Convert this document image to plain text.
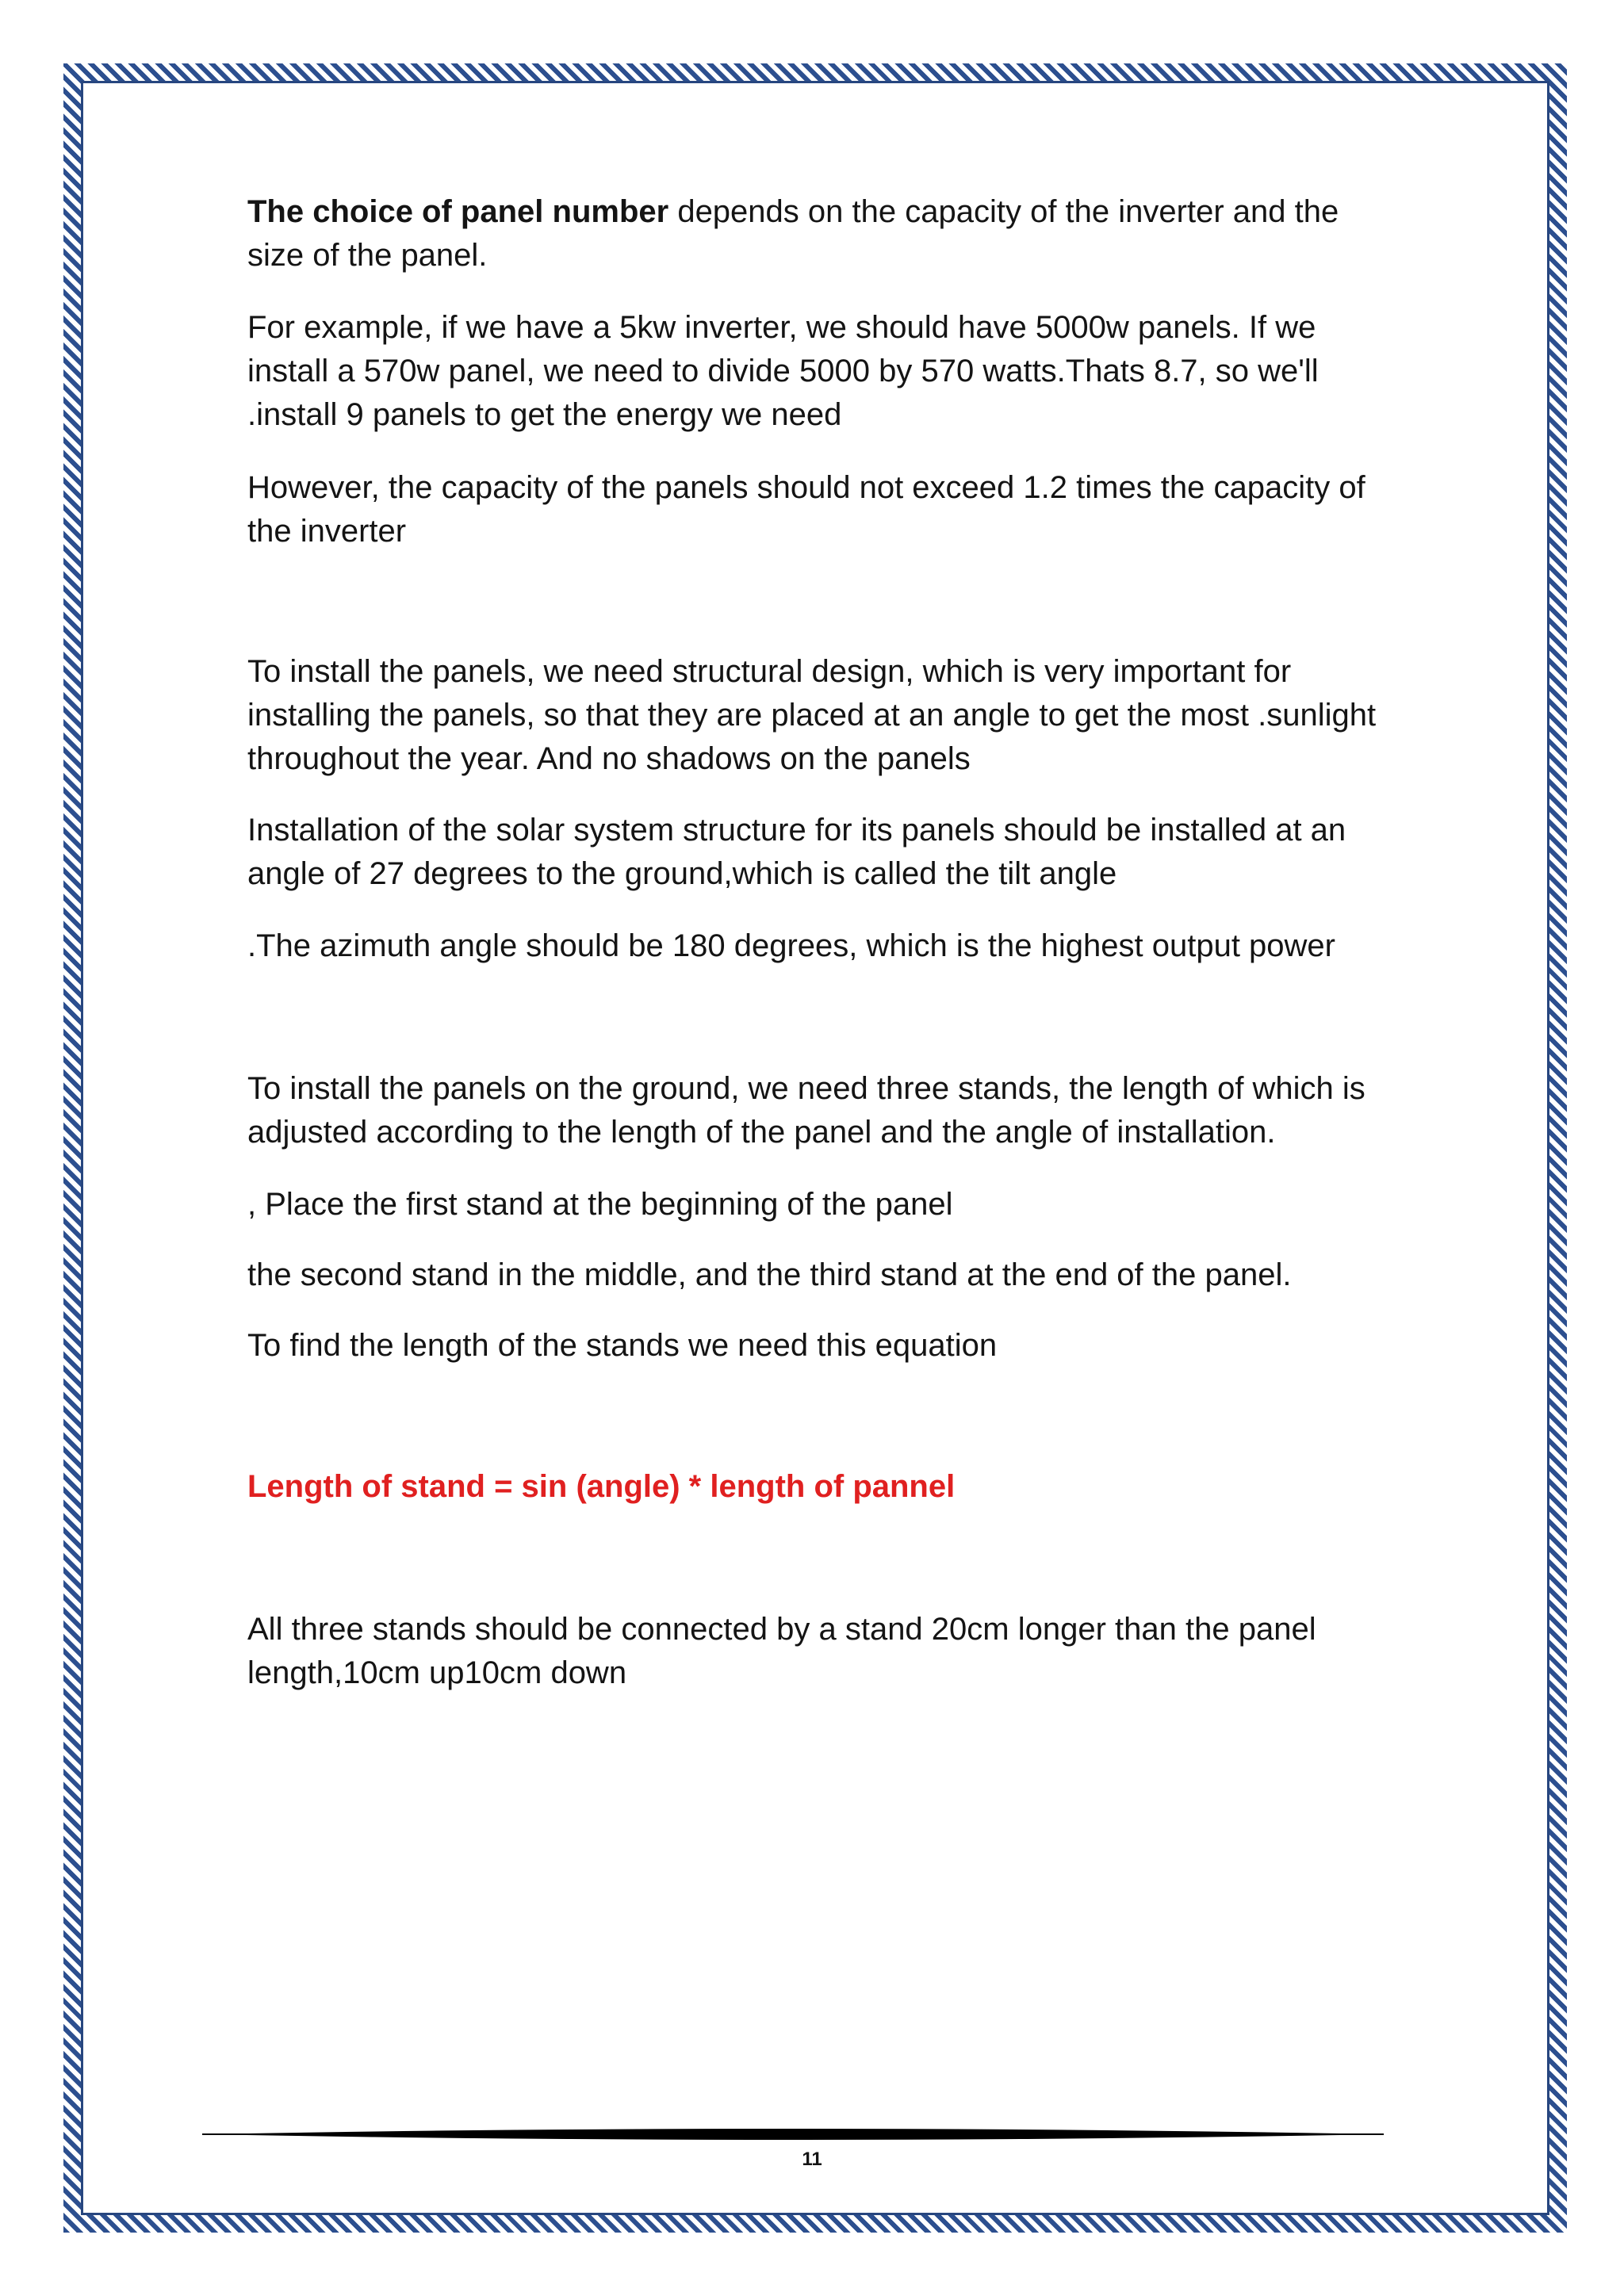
The choice of panel number depends on the capacity of the inverter and the size of the panel.

For example, if we have a 5kw inverter, we should have 5000w panels. If we install a 570w panel, we need to divide 5000 by 570 watts.Thats 8.7, so we'll .install 9 panels to get the energy we need

However, the capacity of the panels should not exceed 1.2 times the capacity of the inverter

To install the panels, we need structural design, which is very important for installing the panels, so that they are placed at an angle to get the most .sunlight throughout the year. And no shadows on the panels

Installation of the solar system structure for its panels should be installed at an angle of 27 degrees to the ground,which is called the tilt angle

.The azimuth angle should be 180 degrees, which is the highest output power

To install the panels on the ground, we need three stands, the length of which is adjusted according to the length of the panel and the angle of installation.

, Place the first stand at the beginning of the panel

the second stand in the middle, and the third stand at the end of the panel.

To find the length of the stands we need this equation

Length of stand = sin (angle) * length of pannel

All three stands should be connected by a stand 20cm longer than the panel length,10cm up10cm down

11
